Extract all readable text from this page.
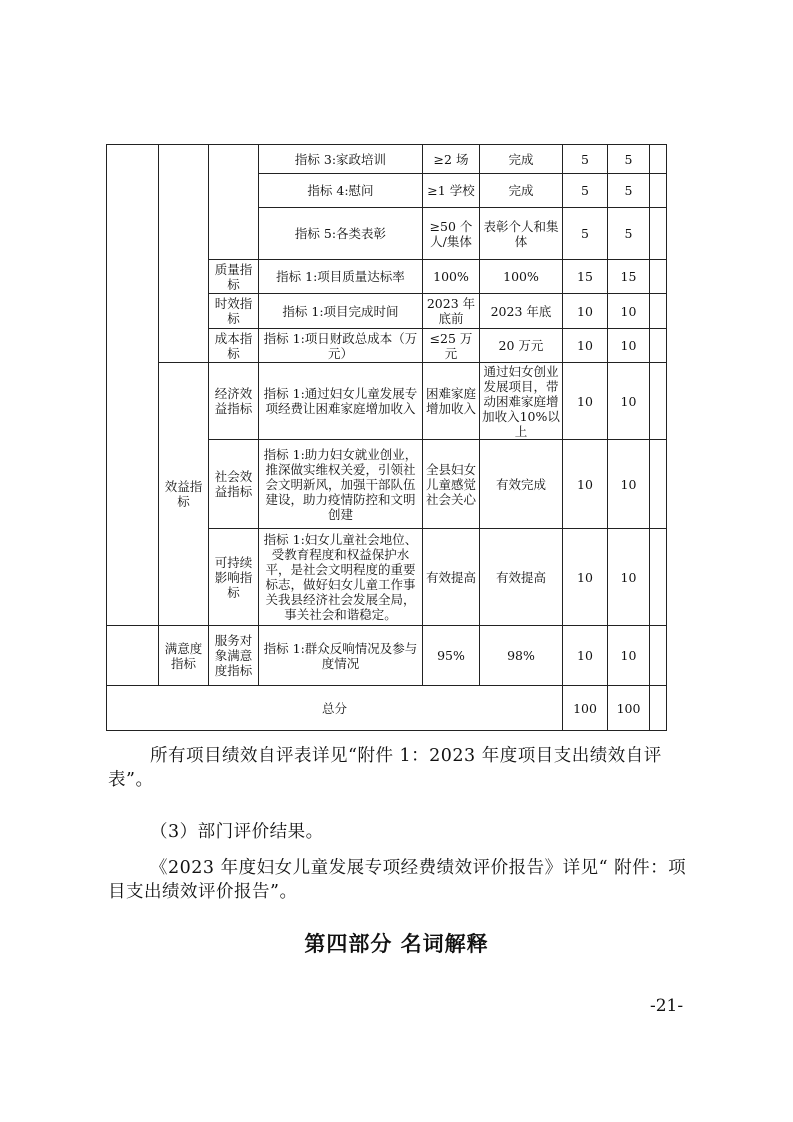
			指标 3:家政培训	≥2 场	完成	5	5	
			指标 4:慰问	≥1 学校	完成	5	5	
			指标 5:各类表彰	≥50 个人/集体	表彰个人和集体	5	5	
		质量指标	指标 1:项目质量达标率	100%	100%	15	15	
		时效指标	指标 1:项目完成时间	2023 年底前	2023 年底	10	10	
		成本指标	指标 1:项日财政总成本（万元）	≤25 万元	20 万元	10	10	
	效益指标	经济效益指标	指标 1:通过妇女儿童发展专项经费让困难家庭增加收入	困难家庭增加收入	通过妇女创业发展项目，带动困难家庭增加收入10%以上	10	10	
		社会效益指标	指标 1:助力妇女就业创业，推深做实维权关爱，引领社会文明新风，加强干部队伍建设，助力疫情防控和文明创建	全县妇女儿童感觉社会关心	有效完成	10	10	
		可持续影响指标	指标 1:妇女儿童社会地位、受教育程度和权益保护水平，是社会文明程度的重要标志，做好妇女儿童工作事关我县经济社会发展全局，事关社会和谐稳定。	有效提高	有效提高	10	10	
	满意度指标	服务对象满意度指标	指标 1:群众反响情况及参与度情况	95%	98%	10	10	
总分						100	100	
所有项目绩效自评表详见“附件 1：2023 年度项目支出绩效自评表”。
（3）部门评价结果。
《2023 年度妇女儿童发展专项经费绩效评价报告》详见“ 附件：项目支出绩效评价报告”。
第四部分 名词解释
-21-
